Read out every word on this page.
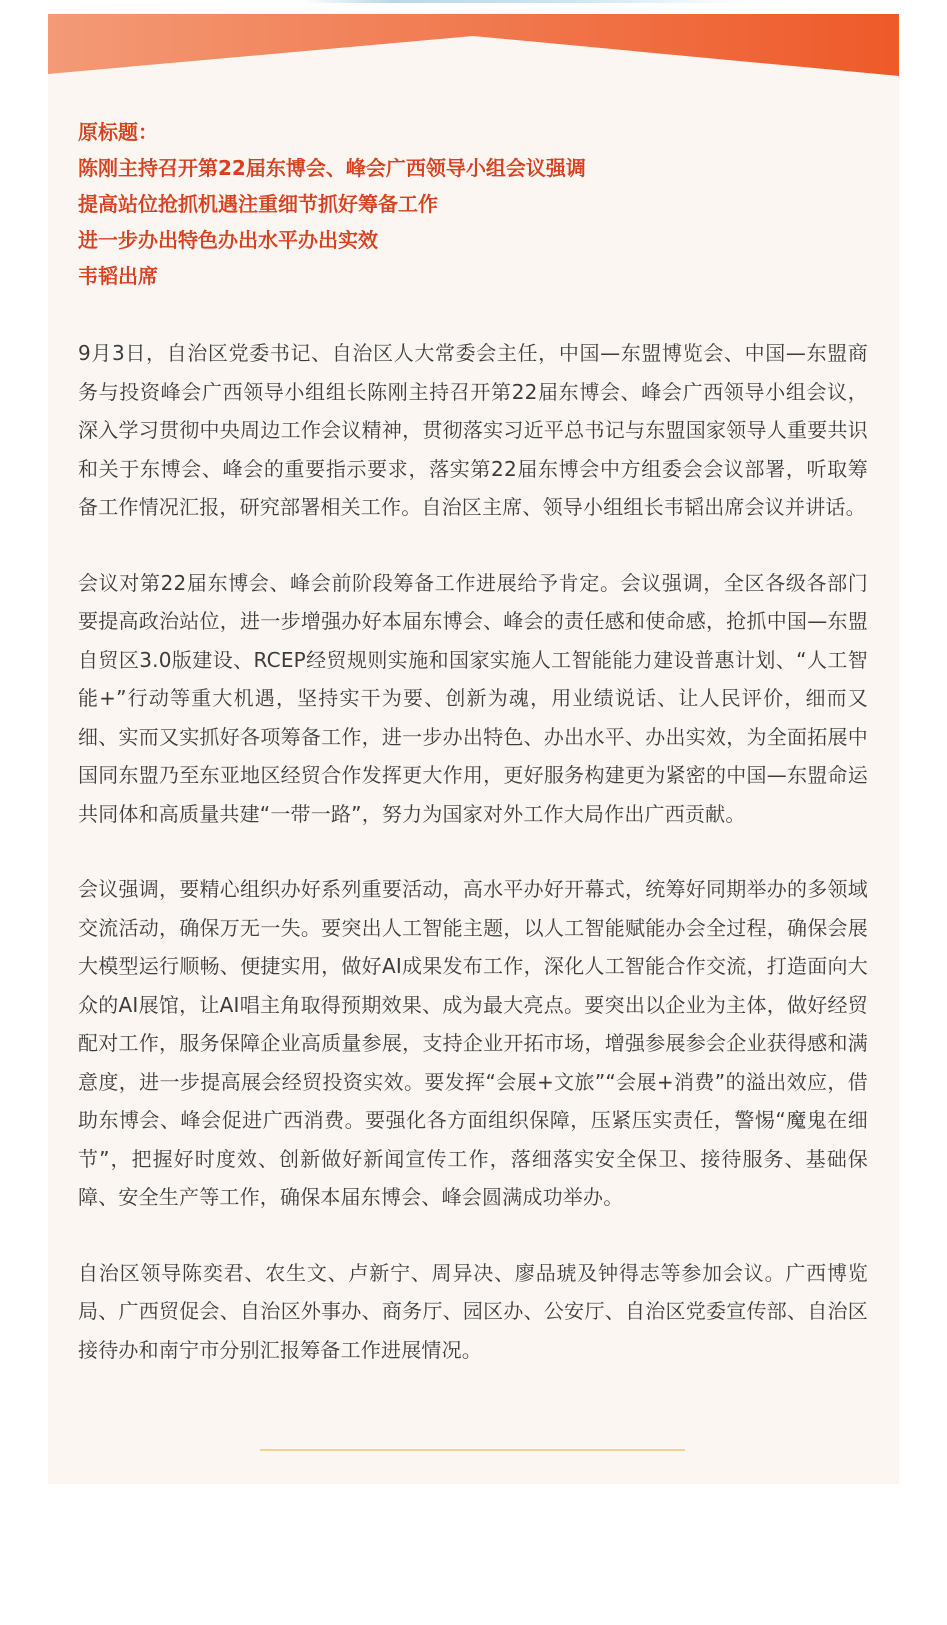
原标题：
陈刚主持召开第22届东博会、峰会广西领导小组会议强调
提高站位抢抓机遇注重细节抓好筹备工作
进一步办出特色办出水平办出实效
韦韬出席

9月3日，自治区党委书记、自治区人大常委会主任，中国—东盟博览会、中国—东盟商务与投资峰会广西领导小组组长陈刚主持召开第22届东博会、峰会广西领导小组会议，深入学习贯彻中央周边工作会议精神，贯彻落实习近平总书记与东盟国家领导人重要共识和关于东博会、峰会的重要指示要求，落实第22届东博会中方组委会会议部署，听取筹备工作情况汇报，研究部署相关工作。自治区主席、领导小组组长韦韬出席会议并讲话。

会议对第22届东博会、峰会前阶段筹备工作进展给予肯定。会议强调，全区各级各部门要提高政治站位，进一步增强办好本届东博会、峰会的责任感和使命感，抢抓中国—东盟自贸区3.0版建设、RCEP经贸规则实施和国家实施人工智能能力建设普惠计划、“人工智能+”行动等重大机遇，坚持实干为要、创新为魂，用业绩说话、让人民评价，细而又细、实而又实抓好各项筹备工作，进一步办出特色、办出水平、办出实效，为全面拓展中国同东盟乃至东亚地区经贸合作发挥更大作用，更好服务构建更为紧密的中国—东盟命运共同体和高质量共建“一带一路”，努力为国家对外工作大局作出广西贡献。

会议强调，要精心组织办好系列重要活动，高水平办好开幕式，统筹好同期举办的多领域交流活动，确保万无一失。要突出人工智能主题，以人工智能赋能办会全过程，确保会展大模型运行顺畅、便捷实用，做好AI成果发布工作，深化人工智能合作交流，打造面向大众的AI展馆，让AI唱主角取得预期效果、成为最大亮点。要突出以企业为主体，做好经贸配对工作，服务保障企业高质量参展，支持企业开拓市场，增强参展参会企业获得感和满意度，进一步提高展会经贸投资实效。要发挥“会展+文旅”“会展+消费”的溢出效应，借助东博会、峰会促进广西消费。要强化各方面组织保障，压紧压实责任，警惕“魔鬼在细节”，把握好时度效、创新做好新闻宣传工作，落细落实安全保卫、接待服务、基础保障、安全生产等工作，确保本届东博会、峰会圆满成功举办。

自治区领导陈奕君、农生文、卢新宁、周异决、廖品琥及钟得志等参加会议。广西博览局、广西贸促会、自治区外事办、商务厅、园区办、公安厅、自治区党委宣传部、自治区接待办和南宁市分别汇报筹备工作进展情况。
